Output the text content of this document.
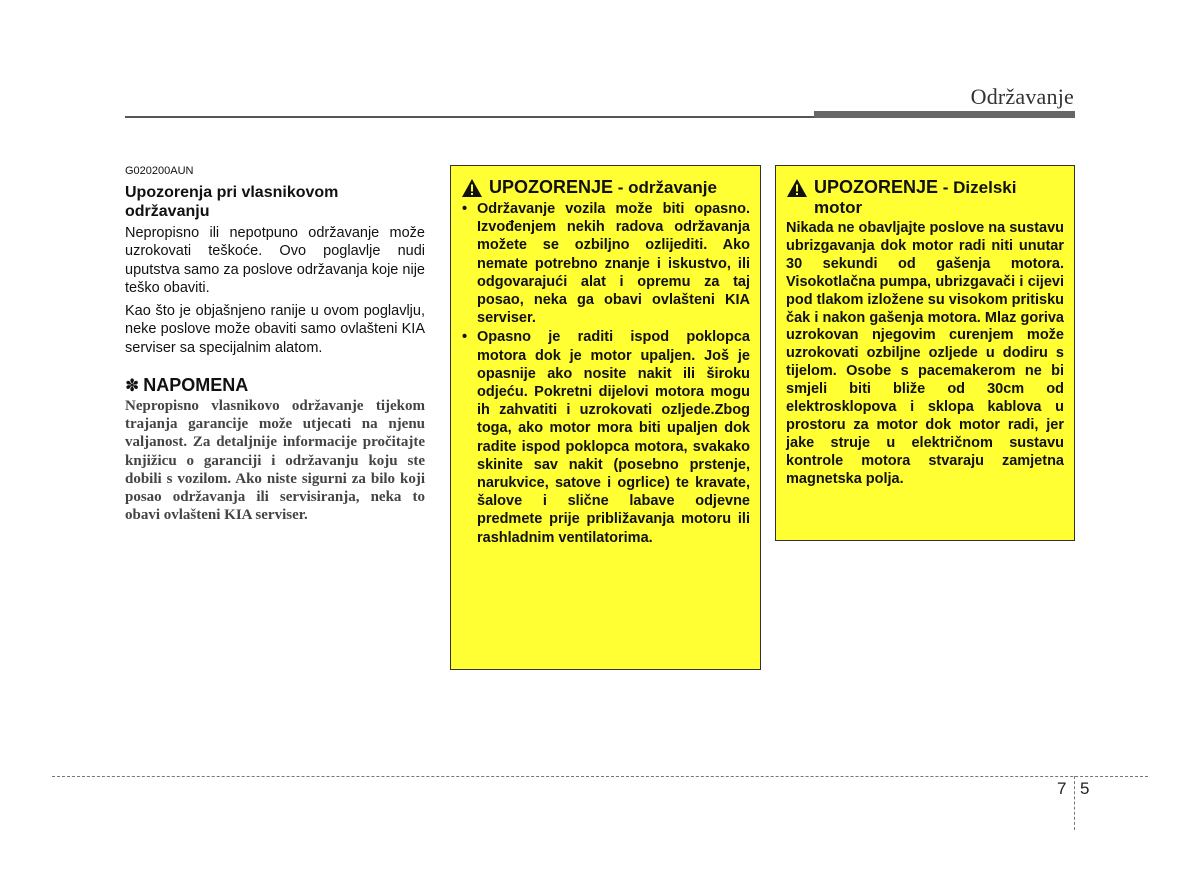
Održavanje
G020200AUN
Upozorenja pri vlasnikovom održavanju

Nepropisno ili nepotpuno održavanje može uzrokovati teškoće. Ovo poglavlje nudi uputstva samo za poslove održavanja koje nije teško obaviti.

Kao što je objašnjeno ranije u ovom poglavlju, neke poslove može obaviti samo ovlašteni KIA serviser sa specijalnim alatom.

✽ NAPOMENA
Nepropisno vlasnikovo održavanje tijekom trajanja garancije može utjecati na njenu valjanost. Za detaljnije informacije pročitajte knjižicu o garanciji i održavanju koju ste dobili s vozilom. Ako niste sigurni za bilo koji posao održavanja ili servisiranja, neka to obavi ovlašteni KIA serviser.
UPOZORENJE - održavanje
• Održavanje vozila može biti opasno. Izvođenjem nekih radova održavanja možete se ozbiljno ozlijediti. Ako nemate potrebno znanje i iskustvo, ili odgovarajući alat i opremu za taj posao, neka ga obavi ovlašteni KIA serviser.
• Opasno je raditi ispod poklopca motora dok je motor upaljen. Još je opasnije ako nosite nakit ili široku odjeću. Pokretni dijelovi motora mogu ih zahvatiti i uzrokovati ozljede.Zbog toga, ako motor mora biti upaljen dok radite ispod poklopca motora, svakako skinite sav nakit (posebno prstenje, narukvice, satove i ogrlice) te kravate, šalove i slične labave odjevne predmete prije približavanja motoru ili rashladnim ventilatorima.
UPOZORENJE - Dizelski motor
Nikada ne obavljajte poslove na sustavu ubrizgavanja dok motor radi niti unutar 30 sekundi od gašenja motora. Visokotlačna pumpa, ubrizgavači i cijevi pod tlakom izložene su visokom pritisku čak i nakon gašenja motora. Mlaz goriva uzrokovan njegovim curenjem može uzrokovati ozbiljne ozljede u dodiru s tijelom. Osobe s pacemakerom ne bi smjeli biti bliže od 30cm od elektrosklopova i sklopa kablova u prostoru za motor dok motor radi, jer jake struje u električnom sustavu kontrole motora stvaraju zamjetna magnetska polja.
7 5
